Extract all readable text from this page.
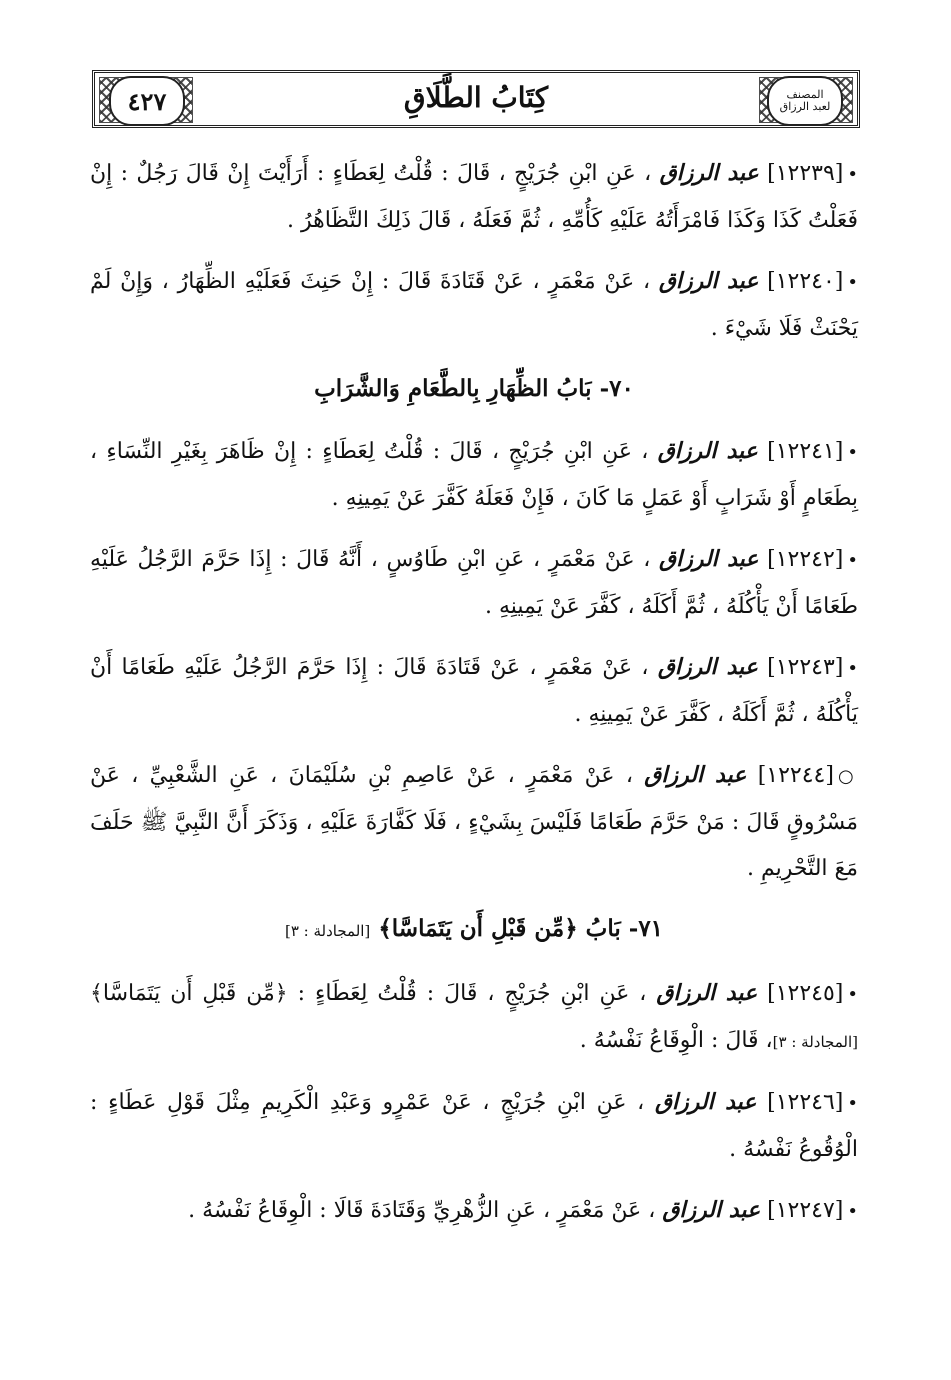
٤٢٧	المصنف
لعبد الرزاق
كِتَابُ الطَّلَاقِ

•[١٢٢٣٩] عبد الرزاق ، عَنِ ابْنِ جُرَيْجٍ ، قَالَ : قُلْتُ لِعَطَاءٍ : أَرَأَيْتَ إِنْ قَالَ رَجُلٌ : إِنْ فَعَلْتُ كَذَا وَكَذَا فَامْرَأَتُهُ عَلَيْهِ كَأُمِّهِ ، ثُمَّ فَعَلَهُ ، قَالَ ذَلِكَ التَّظَاهُرُ .

•[١٢٢٤٠] عبد الرزاق ، عَنْ مَعْمَرٍ ، عَنْ قَتَادَةَ قَالَ : إِنْ حَنِثَ فَعَلَيْهِ الظِّهَارُ ، وَإِنْ لَمْ يَحْنَثْ فَلَا شَيْءَ .

٧٠- بَابُ الظِّهَارِ بِالطَّعَامِ وَالشَّرَابِ

•[١٢٢٤١] عبد الرزاق ، عَنِ ابْنِ جُرَيْجٍ ، قَالَ : قُلْتُ لِعَطَاءٍ : إِنْ ظَاهَرَ بِغَيْرِ النِّسَاءِ ، بِطَعَامٍ أَوْ شَرَابٍ أَوْ عَمَلٍ مَا كَانَ ، فَإِنْ فَعَلَهُ كَفَّرَ عَنْ يَمِينِهِ .

•[١٢٢٤٢] عبد الرزاق ، عَنْ مَعْمَرٍ ، عَنِ ابْنِ طَاوُسٍ ، أَنَّهُ قَالَ : إِذَا حَرَّمَ الرَّجُلُ عَلَيْهِ طَعَامًا أَنْ يَأْكُلَهُ ، ثُمَّ أَكَلَهُ ، كَفَّرَ عَنْ يَمِينِهِ .

•[١٢٢٤٣] عبد الرزاق ، عَنْ مَعْمَرٍ ، عَنْ قَتَادَةَ قَالَ : إِذَا حَرَّمَ الرَّجُلُ عَلَيْهِ طَعَامًا أَنْ يَأْكُلَهُ ، ثُمَّ أَكَلَهُ ، كَفَّرَ عَنْ يَمِينِهِ .

○[١٢٢٤٤] عبد الرزاق ، عَنْ مَعْمَرٍ ، عَنْ عَاصِمِ بْنِ سُلَيْمَانَ ، عَنِ الشَّعْبِيِّ ، عَنْ مَسْرُوقٍ قَالَ : مَنْ حَرَّمَ طَعَامًا فَلَيْسَ بِشَيْءٍ ، فَلَا كَفَّارَةَ عَلَيْهِ ، وَذَكَرَ أَنَّ النَّبِيَّ ﷺ حَلَفَ مَعَ التَّحْرِيمِ .

٧١- بَابُ ﴿مِّن قَبْلِ أَن يَتَمَاسَّا﴾ [المجادلة : ٣]

•[١٢٢٤٥] عبد الرزاق ، عَنِ ابْنِ جُرَيْجٍ ، قَالَ : قُلْتُ لِعَطَاءٍ : ﴿مِّن قَبْلِ أَن يَتَمَاسَّا﴾ [المجادلة : ٣]، قَالَ : الْوِقَاعُ نَفْسُهُ .

•[١٢٢٤٦] عبد الرزاق ، عَنِ ابْنِ جُرَيْجٍ ، عَنْ عَمْرٍو وَعَبْدِ الْكَرِيمِ مِثْلَ قَوْلِ عَطَاءٍ : الْوُقُوعُ نَفْسُهُ .

•[١٢٢٤٧] عبد الرزاق ، عَنْ مَعْمَرٍ ، عَنِ الزُّهْرِيِّ وَقَتَادَةَ قَالَا : الْوِقَاعُ نَفْسُهُ .
